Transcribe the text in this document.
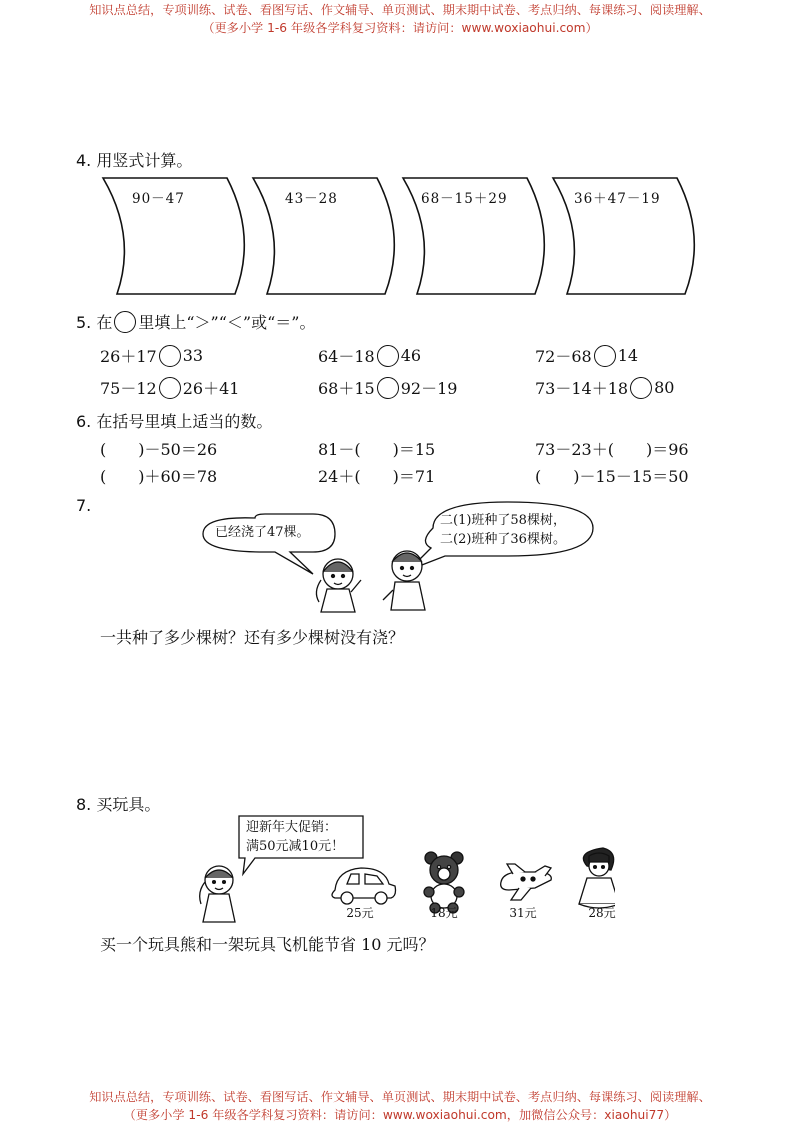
知识点总结，专项训练、试卷、看图写话、作文辅导、单页测试、期末期中试卷、考点归纳、每课练习、阅读理解、
（更多小学 1-6 年级各学科复习资料：请访问：www.woxiaohui.com）
4. 用竖式计算。
90－47	43－28	68－15＋29	36＋47－19
5. 在 里填上“＞”“＜”或“＝”。
26＋17 33	64－18 46	72－68 14
75－12 26＋41	68＋15 92－19	73－14＋18 80
6. 在括号里填上适当的数。
(　　)－50＝26	81－(　　)＝15	73－23＋(　　)＝96
(　　)＋60＝78	24＋(　　)＝71	(　　)－15－15＝50
7.
已经浇了47棵。
二(1)班种了58棵树，
二(2)班种了36棵树。
一共种了多少棵树？还有多少棵树没有浇？
8. 买玩具。
迎新年大促销：
满50元减10元！
25元	18元	31元	28元
买一个玩具熊和一架玩具飞机能节省 10 元吗？
知识点总结，专项训练、试卷、看图写话、作文辅导、单页测试、期末期中试卷、考点归纳、每课练习、阅读理解、
（更多小学 1-6 年级各学科复习资料：请访问：www.woxiaohui.com，加微信公众号：xiaohui77）
